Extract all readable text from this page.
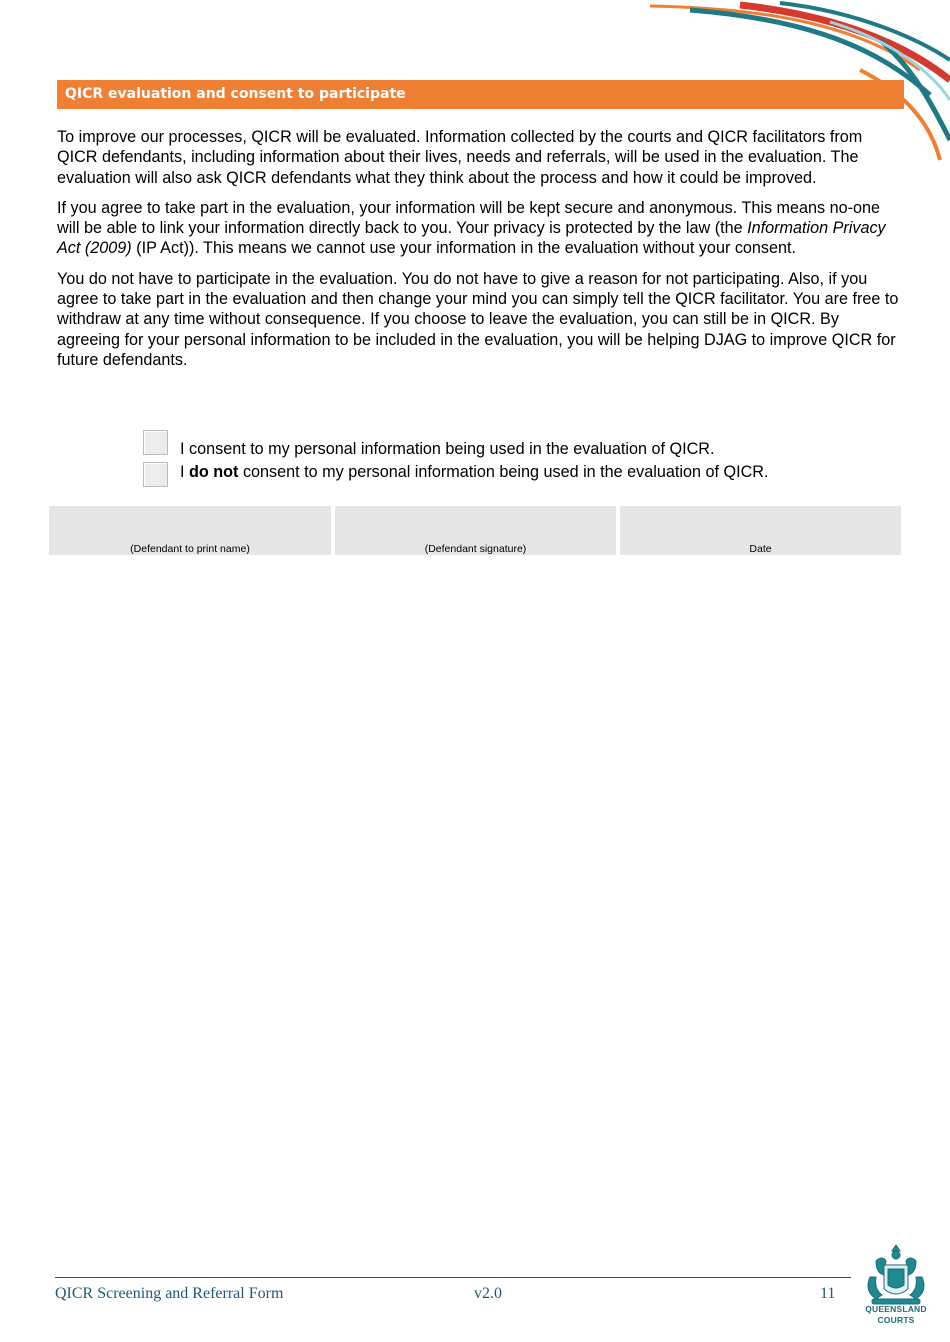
QICR evaluation and consent to participate

To improve our processes, QICR will be evaluated. Information collected by the courts and QICR facilitators from QICR defendants, including information about their lives, needs and referrals, will be used in the evaluation. The evaluation will also ask QICR defendants what they think about the process and how it could be improved.

If you agree to take part in the evaluation, your information will be kept secure and anonymous. This means no-one will be able to link your information directly back to you. Your privacy is protected by the law (the Information Privacy Act (2009) (IP Act)). This means we cannot use your information in the evaluation without your consent.

You do not have to participate in the evaluation. You do not have to give a reason for not participating. Also, if you agree to take part in the evaluation and then change your mind you can simply tell the QICR facilitator. You are free to withdraw at any time without consequence. If you choose to leave the evaluation, you can still be in QICR. By agreeing for your personal information to be included in the evaluation, you will be helping DJAG to improve QICR for future defendants.

I consent to my personal information being used in the evaluation of QICR.
I do not consent to my personal information being used in the evaluation of QICR.
(Defendant to print name)	(Defendant signature)	Date
QICR Screening and Referral Form	v2.0	11
QUEENSLAND
COURTS
